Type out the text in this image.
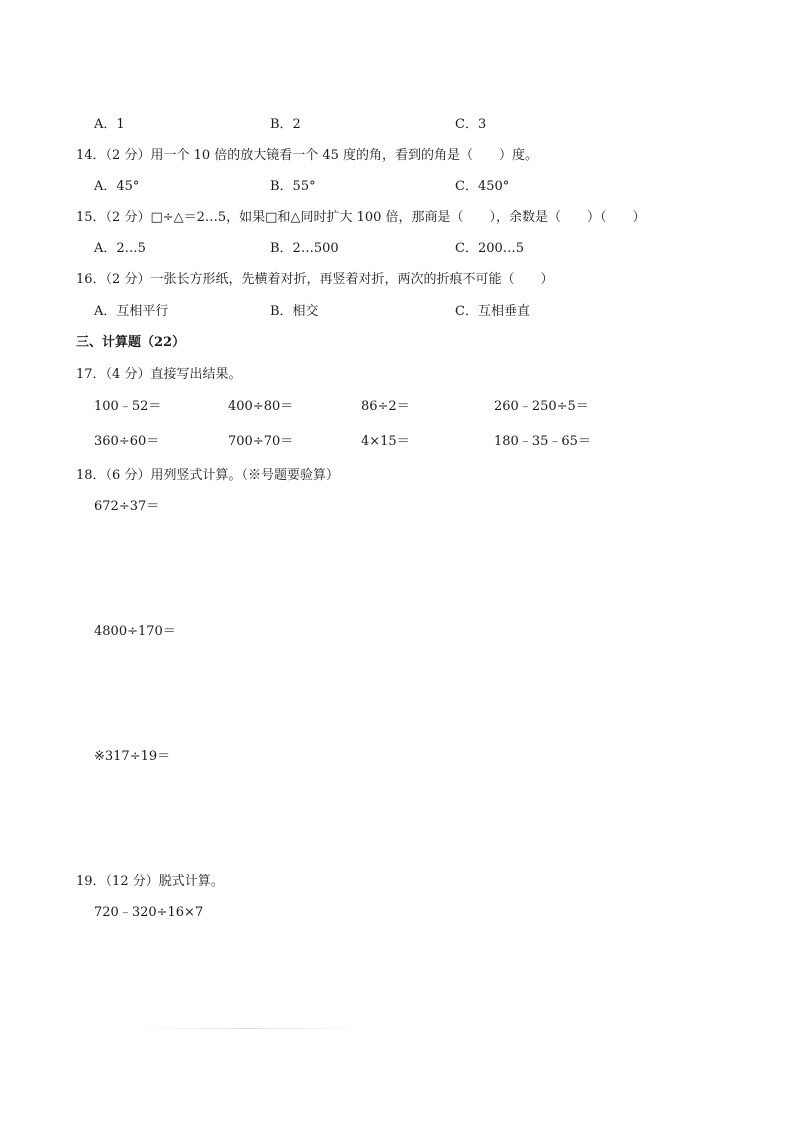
A．1	B．2	C．3
14．（2 分）用一个 10 倍的放大镜看一个 45 度的角，看到的角是（　　）度。
A．45°	B．55°	C．450°
15．（2 分）□÷△＝2…5，如果□和△同时扩大 100 倍，那商是（　　），余数是（　　）（　　）
A．2…5	B．2…500	C．200…5
16．（2 分）一张长方形纸，先横着对折，再竖着对折，两次的折痕不可能（　　）
A．互相平行	B．相交	C．互相垂直
三、计算题（22）
17．（4 分）直接写出结果。
100﹣52＝	400÷80＝	86÷2＝	260﹣250÷5＝
360÷60＝	700÷70＝	4×15＝	180﹣35﹣65＝
18．（6 分）用列竖式计算。（※号题要验算）
672÷37＝
4800÷170＝
※317÷19＝
19．（12 分）脱式计算。
720﹣320÷16×7
